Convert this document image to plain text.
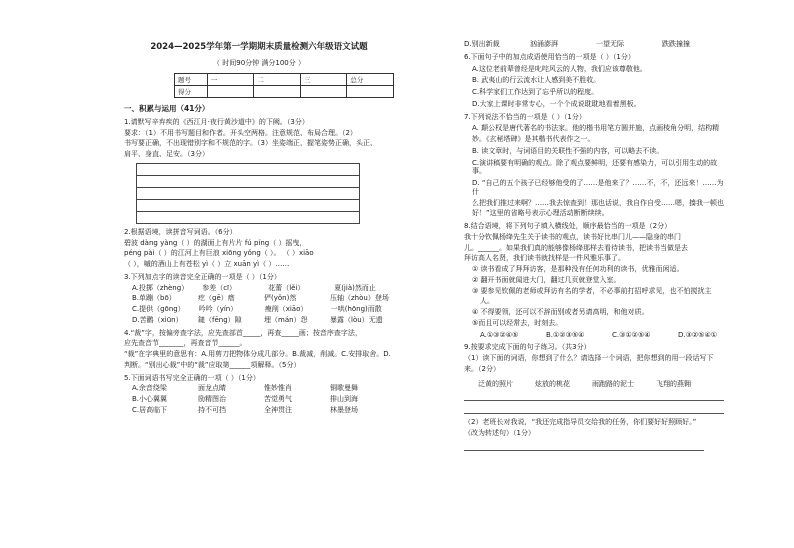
2024—2025学年第一学期期末质量检测六年级语文试题

（ 时间90分钟 满分100分 ）

题号	一	二	三	总分
得分				

一、积累与运用（41分）

1.请默写辛弃疾的《西江月·夜行黄沙道中》的下阙。（3分）

要求：（1）不用书写题目和作者。开头空两格。注意规范、布局合理。（2）

书写要正确，不出现错别字和不规范的字。（3）坐姿端正，握笔姿势正确，头正、

肩平、身直、足安。（3分）

2.根据语境，读拼音写词语。（6分）

碧波 dàng yàng（ ）的湖面上有片片 fú píng（ ）摇曳，

péng pài（ ）的江河上有巨浪 xiōng yǒng（ ）。 （ ）xiāo

（ ），嘁的酒山上有苍松 yì（ ）立 xuān yì（ ）……

3.下列加点字的读音完全正确的一项是（ ）（1分）

A.投掷（zhèng） 参差（cī）	花蕾（lěi）	夏(jià)然而止
B.单蹦（bō）	疙（gē）瘩	俨(yǒn)然	压轴（zhòu）登场
C.提供（gōng） 吟吟（yín）	瘦削（xiāo）	一哄(hōng)而散
D.苦鹳（xiūn） 鎚（fēng）隙	埋（mán）怨	暴露（lòu）无遗

4.“裁”字，按偏旁查字法，应先查部首_____，再查_____画；按音序查字法，

应先查音节_______，再查音节______。

“裁”在字典里的意思有：A.用剪刀把物体分成几部分。B.裁减，削减。C.安排取舍。D.

判断。“别出心裁”中的“裁”应取第______项解释。（5分）

5.下面词语书写完全正确的一项（ ）（1分）

A.余音绕梁	面龙点睛	惟妙惟肖	铜歌曼舞
B.小心翼翼	励精图治	苦觉勇气	排山到海
C.居高临下	持不可挡	全神贯注	林墨登场
D.别出新裁	汹涌澎湃	一望无际	跌跌撞撞

6.下面句子中的加点成语使用恰当的一项是（ ）（1分）

A.这位老前辈曾经是叱咤风云的人物，我们应该尊敬他。

B. 武夷山的行云流水让人感到美不胜收。

C.科学家们工作达到了忘乎所以的程度。

D.大家上课时非常专心，一个个成说耽耽地看着黑板。

7.下列说法不恰当的一项是（ ）（1分）

A. 颠公权是唐代著名的书法家。他的楷书用笔方圆并施，点画棱角分明，结构精

妙。《玄秘塔碑》是其楷书代表作之一。

B. 读文章时，与词语目的关联性不强的内容，可以略去不读。

C.演讲稿要有明确的观点。除了观点要鲜明，还要有感染力，可以引用生动的故事。

D. “自己的五个孩子已经够他受的了……是他来了？……不，不，还远来！……为什

么把我们推过来啊？……我去惊查到！那也话说，我自作自受……嗯，揍我一顿也

好！”这里的省略号表示心理活动断断续续。

8.结合语境，将下列句子填入横线处，顺序最恰当的一项是（2分）

我十分钦佩杨绛先生关于读书的观点，读书好比串门儿——隐身的串门

儿。______。如果我们真的能够像杨绛那样去看待读书，把读书当做是去

拜访高人名贤，我们读书就找样是一件风雅乐事了。

① 读书看成了拜拜访客，是那种没有任何功利的读书，优雅而闲适。

② 翻开书面就闻进大门，翻过几页就登堂入室。

③ 要参见钦佩的老师或拜访有名的学者，不必事前打招呼求见，也不怕搅扰主

人。

④ 不得要领，还可以不辞而别或者另请高明，和他对质。

⑤而且可以经常去，时刻去。

A.①③②④⑤	B.①②③⑤④	C.③①②⑤④	D.③②⑤④①

9.按要求完成下面的句子练习。（共3分）

（1）读下面的词语，你想到了什么？请选择一个词语，把你想到的用一段话写下

来。（2分）

泛黄的照片	炫放的桃花	雨跑路的泥士	飞翔的燕翱

（2）老班长对我说，“我还完成指导员交给我的任务，你们要好好照顾好。”

（改为转述句）（1分）
